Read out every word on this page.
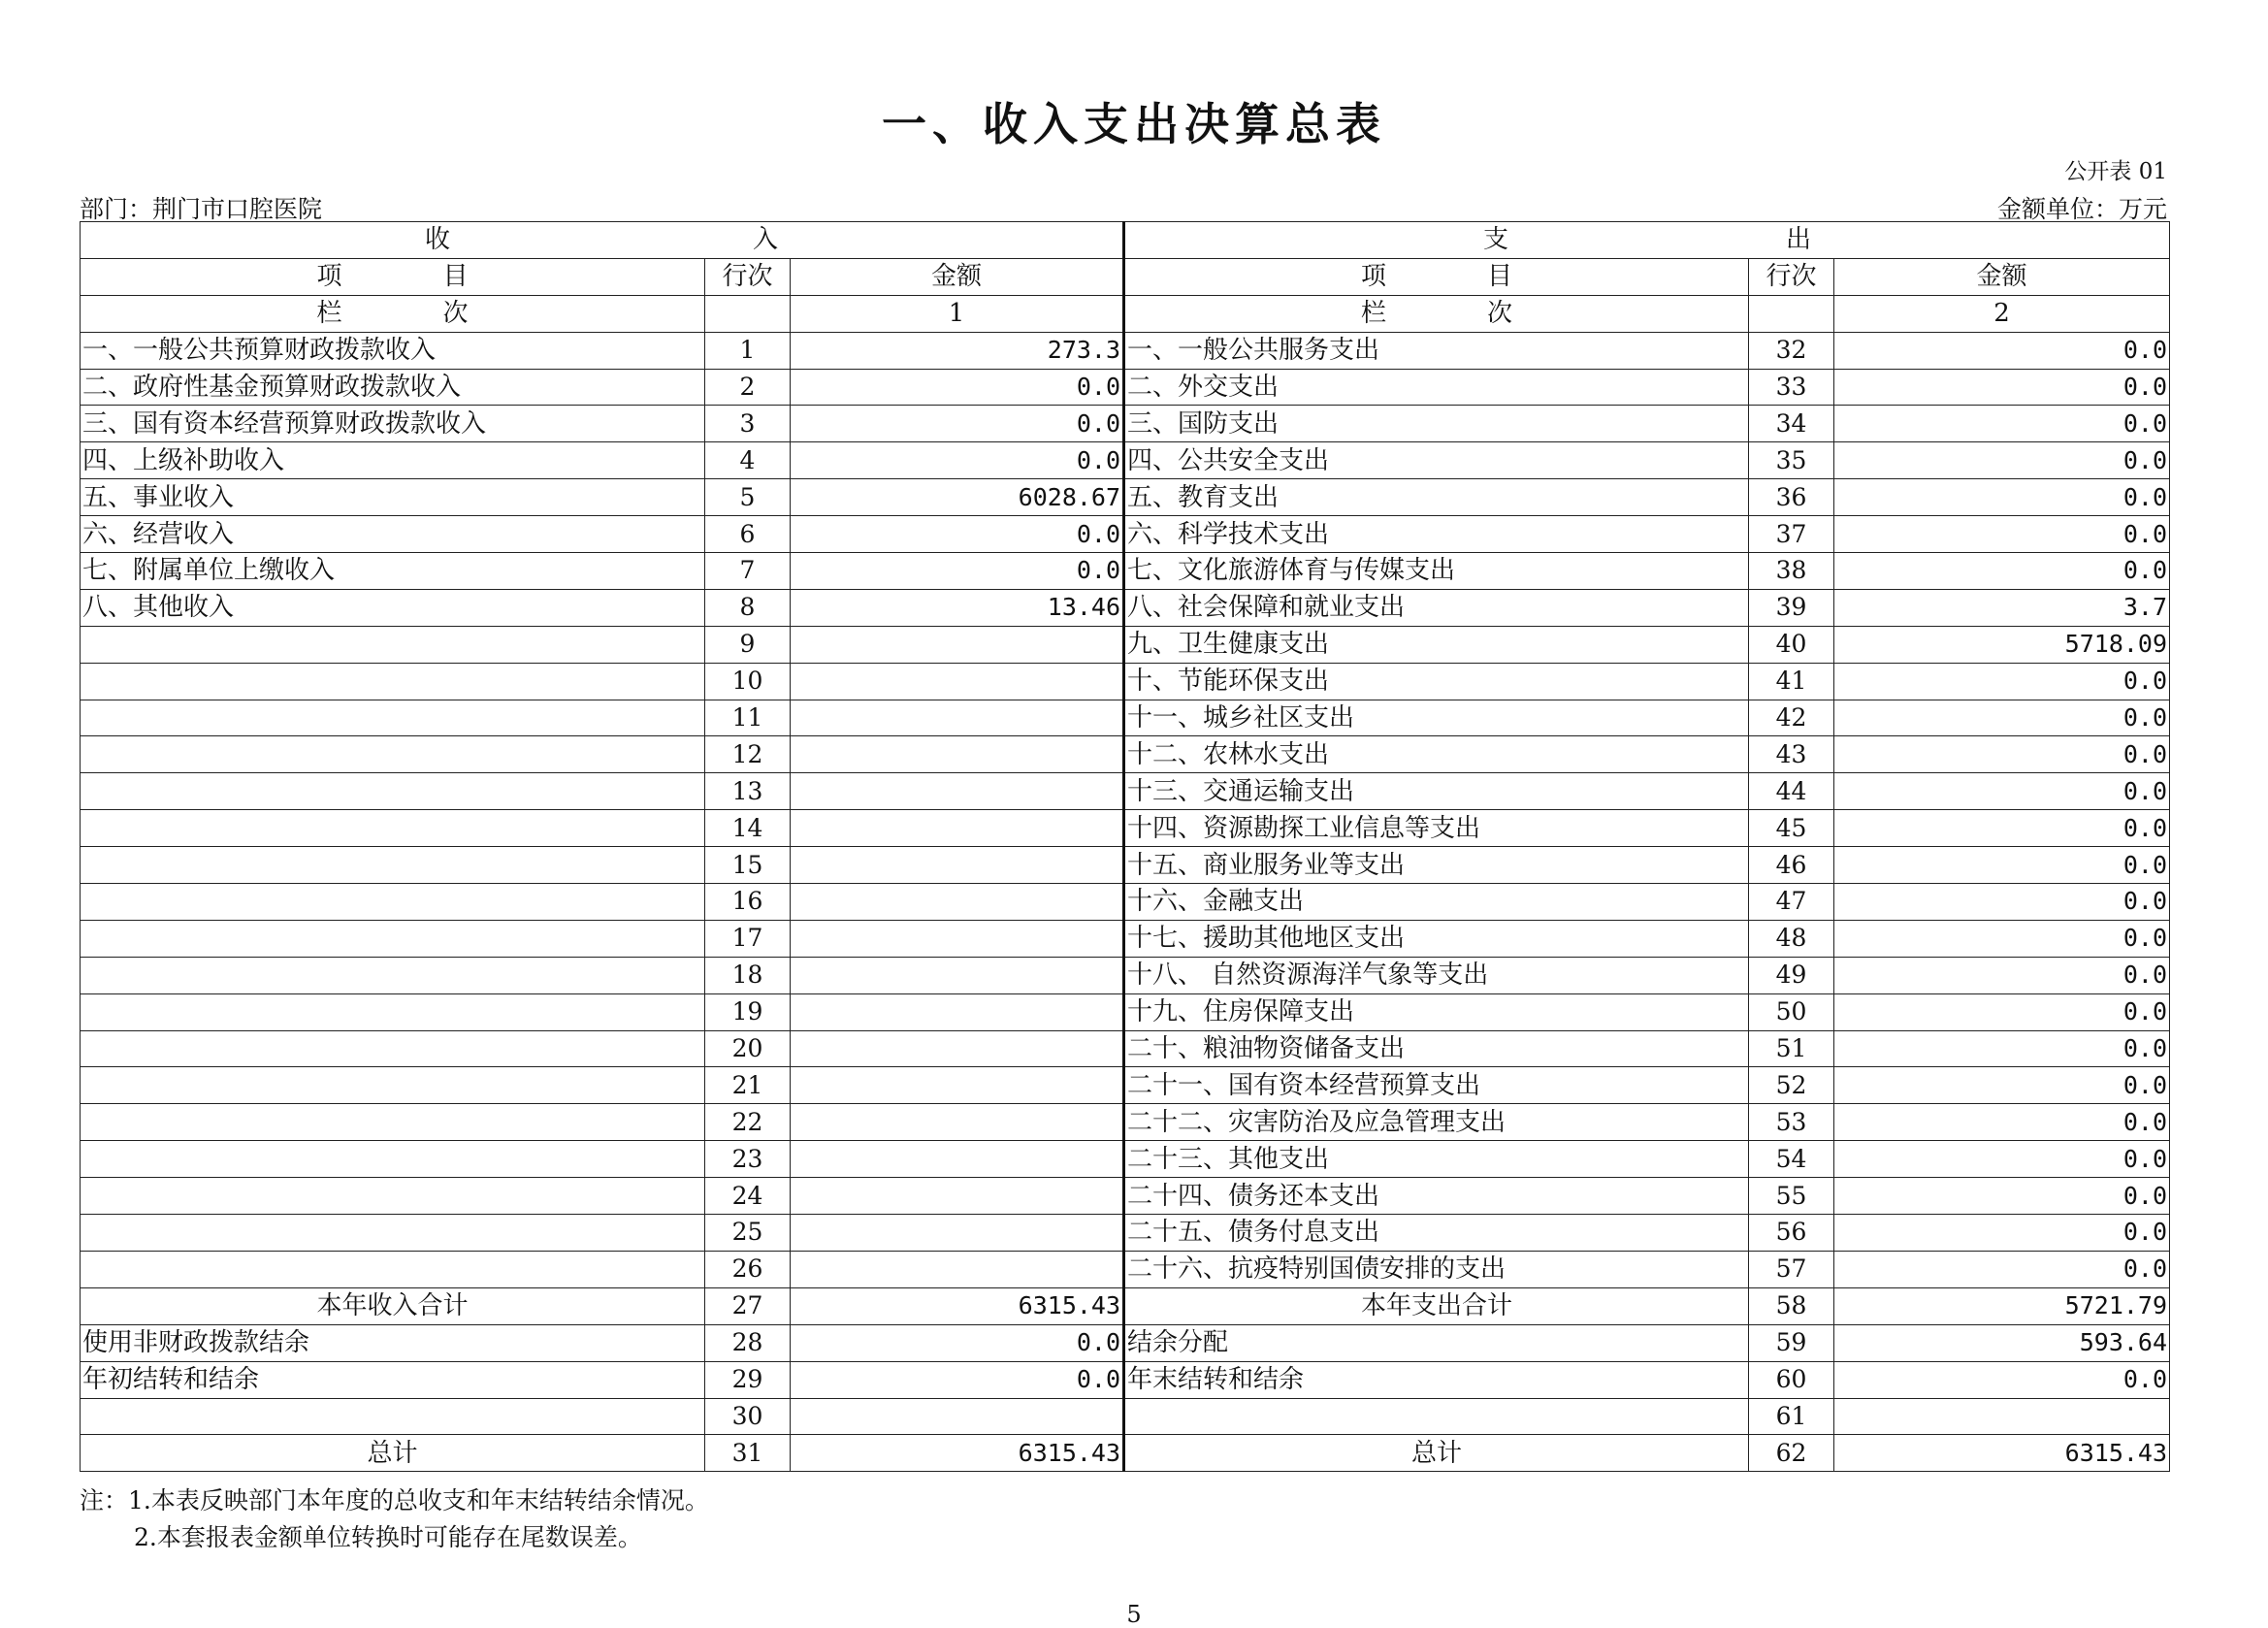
一、收入支出决算总表
公开表 01
部门：荆门市口腔医院	金额单位：万元
收　　　　　　　　　　　　入			支　　　　　　　　　　　出		
项　　　　目	行次	金额	项　　　　目	行次	金额
栏　　　　次		1	栏　　　　次		2
一、一般公共预算财政拨款收入	1	273.3	一、一般公共服务支出	32	0.0
二、政府性基金预算财政拨款收入	2	0.0	二、外交支出	33	0.0
三、国有资本经营预算财政拨款收入	3	0.0	三、国防支出	34	0.0
四、上级补助收入	4	0.0	四、公共安全支出	35	0.0
五、事业收入	5	6028.67	五、教育支出	36	0.0
六、经营收入	6	0.0	六、科学技术支出	37	0.0
七、附属单位上缴收入	7	0.0	七、文化旅游体育与传媒支出	38	0.0
八、其他收入	8	13.46	八、社会保障和就业支出	39	3.7
	9		九、卫生健康支出	40	5718.09
	10		十、节能环保支出	41	0.0
	11		十一、城乡社区支出	42	0.0
	12		十二、农林水支出	43	0.0
	13		十三、交通运输支出	44	0.0
	14		十四、资源勘探工业信息等支出	45	0.0
	15		十五、商业服务业等支出	46	0.0
	16		十六、金融支出	47	0.0
	17		十七、援助其他地区支出	48	0.0
	18		十八、 自然资源海洋气象等支出	49	0.0
	19		十九、住房保障支出	50	0.0
	20		二十、粮油物资储备支出	51	0.0
	21		二十一、国有资本经营预算支出	52	0.0
	22		二十二、灾害防治及应急管理支出	53	0.0
	23		二十三、其他支出	54	0.0
	24		二十四、债务还本支出	55	0.0
	25		二十五、债务付息支出	56	0.0
	26		二十六、抗疫特别国债安排的支出	57	0.0
本年收入合计	27	6315.43	本年支出合计	58	5721.79
使用非财政拨款结余	28	0.0	结余分配	59	593.64
年初结转和结余	29	0.0	年末结转和结余	60	0.0
	30			61	
总计	31	6315.43	总计	62	6315.43
注：1.本表反映部门本年度的总收支和年末结转结余情况。
2.本套报表金额单位转换时可能存在尾数误差。
5
